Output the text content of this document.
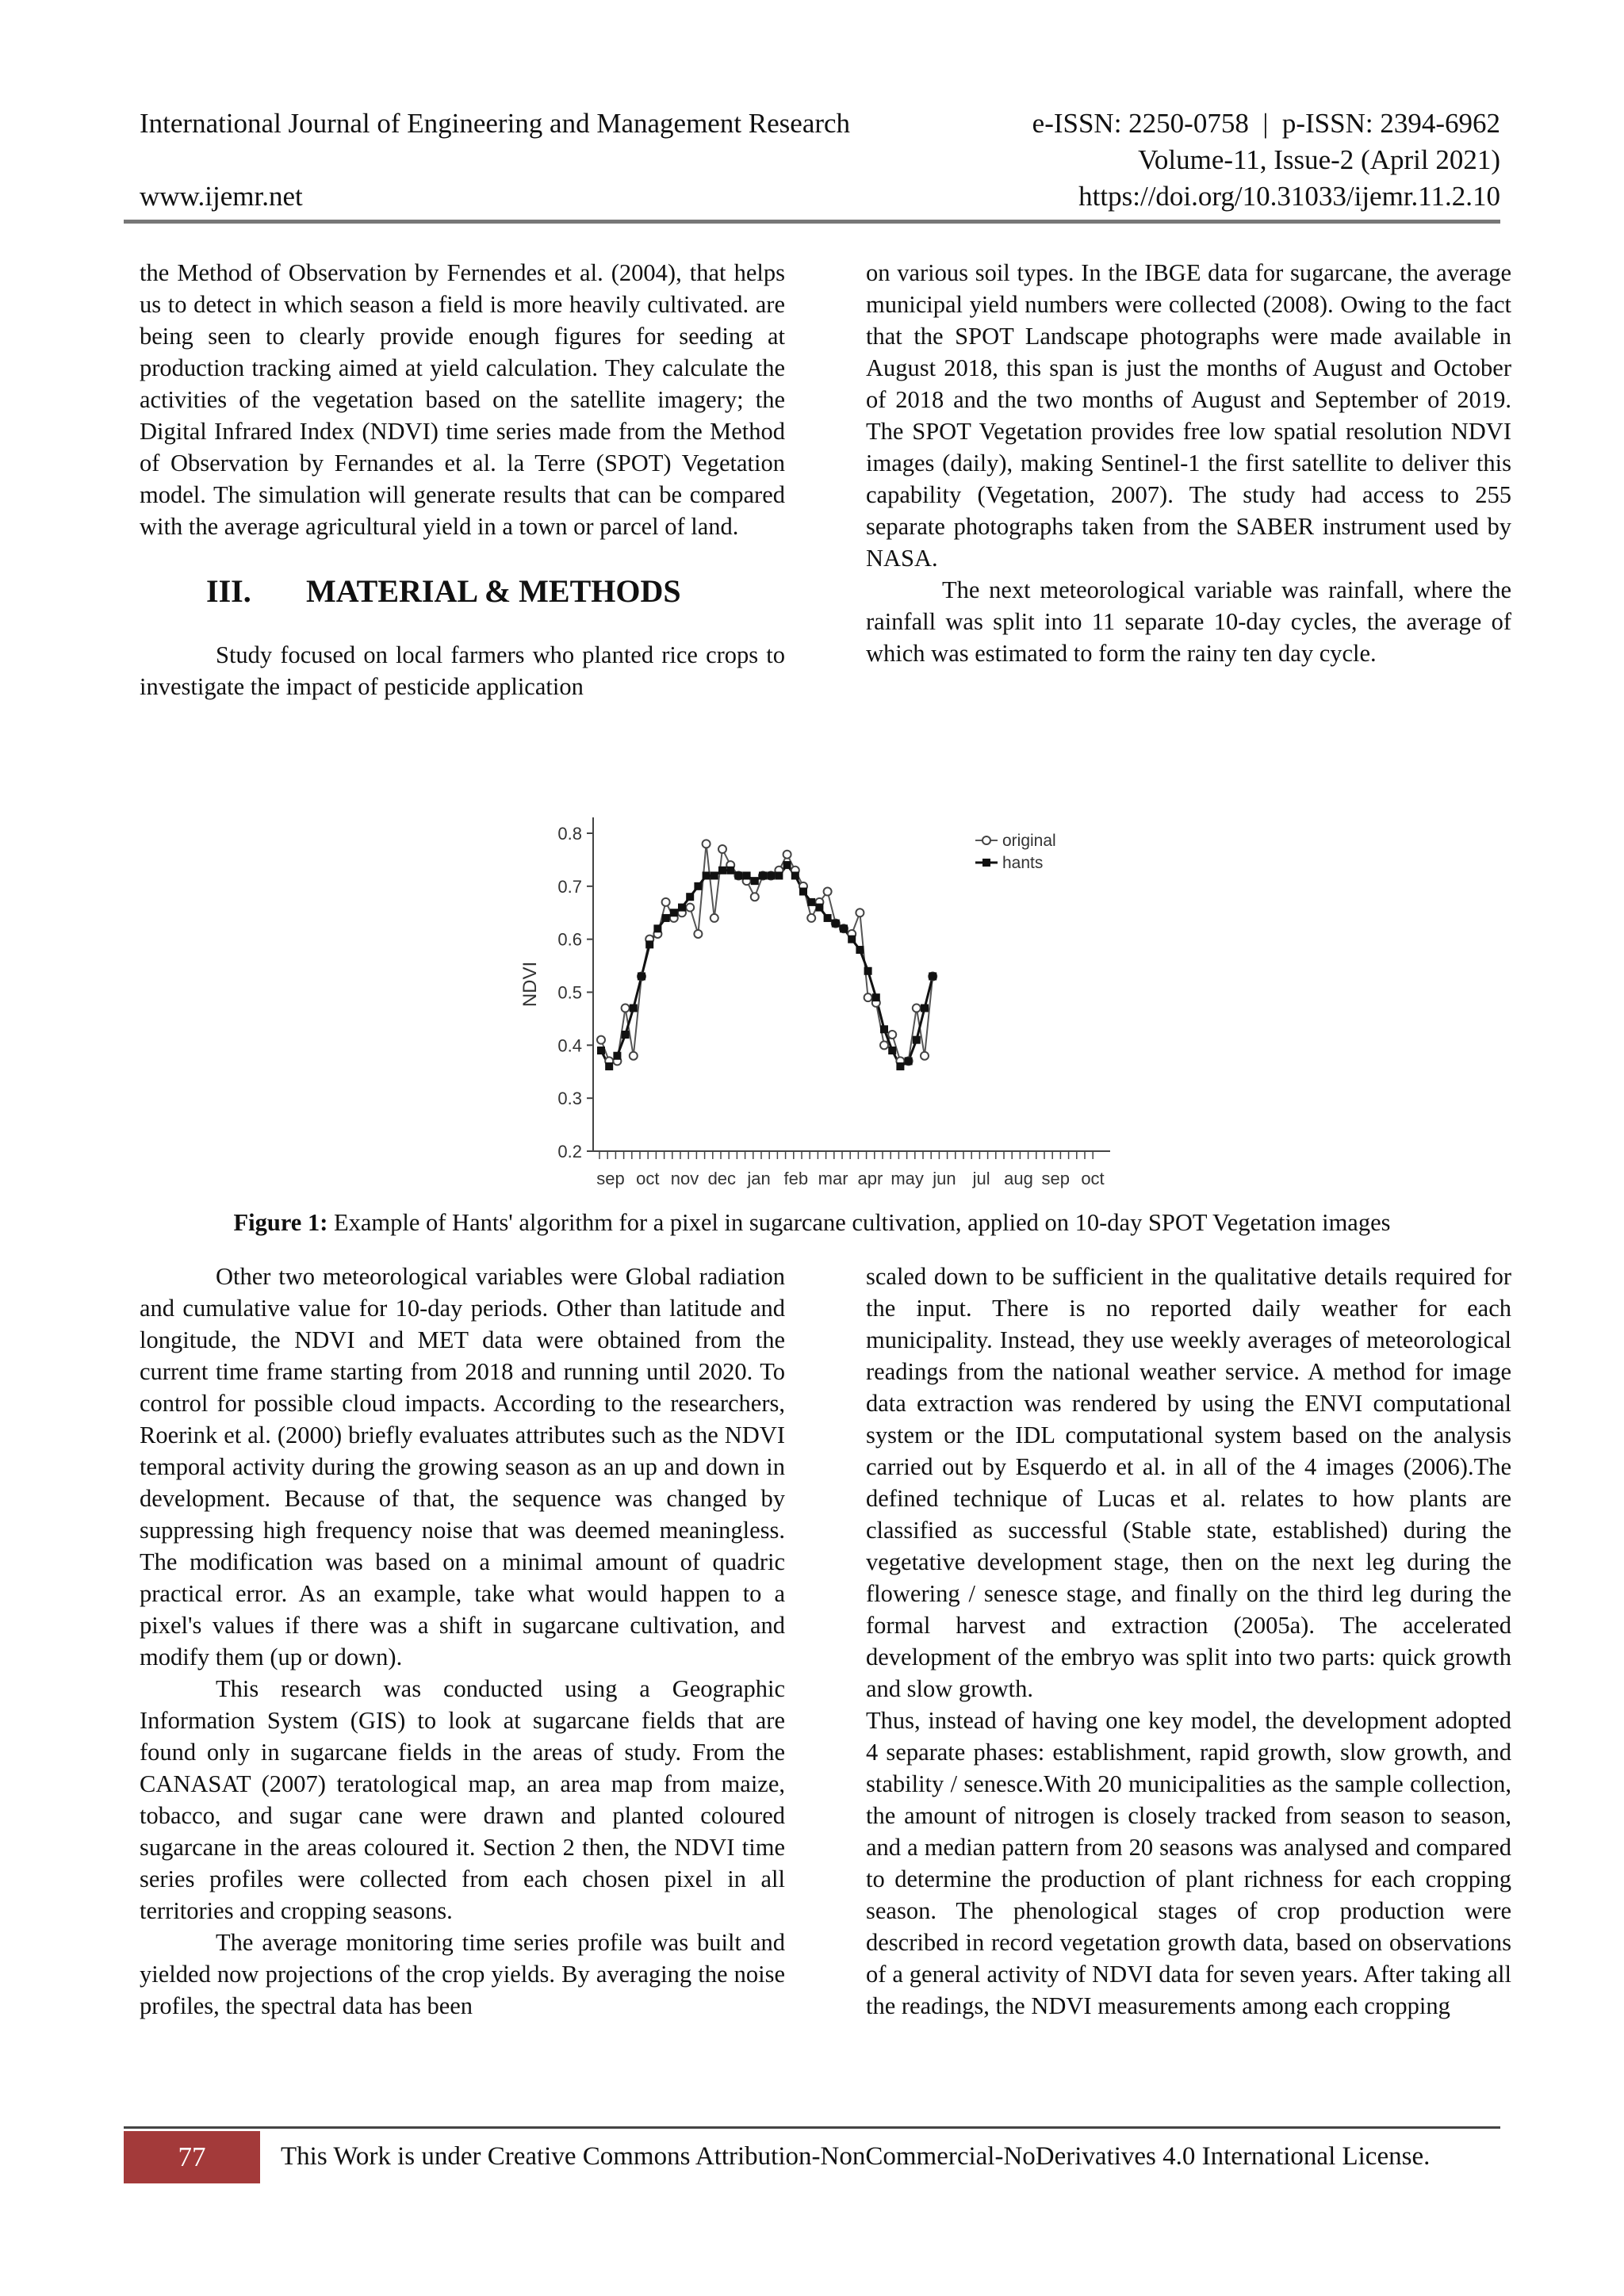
International Journal of Engineering and Management Research
www.ijemr.net
e-ISSN: 2250-0758  |  p-ISSN: 2394-6962
Volume-11, Issue-2 (April 2021)
https://doi.org/10.31033/ijemr.11.2.10

the Method of Observation by Fernendes et al. (2004), that helps us to detect in which season a field is more heavily cultivated. are being seen to clearly provide enough figures for seeding at production tracking aimed at yield calculation. They calculate the activities of the vegetation based on the satellite imagery; the Digital Infrared Index (NDVI) time series made from the Method of Observation by Fernandes et al. la Terre (SPOT) Vegetation model. The simulation will generate results that can be compared with the average agricultural yield in a town or parcel of land.

III. MATERIAL & METHODS

Study focused on local farmers who planted rice crops to investigate the impact of pesticide application

on various soil types. In the IBGE data for sugarcane, the average municipal yield numbers were collected (2008). Owing to the fact that the SPOT Landscape photographs were made available in August 2018, this span is just the months of August and October of 2018 and the two months of August and September of 2019. The SPOT Vegetation provides free low spatial resolution NDVI images (daily), making Sentinel-1 the first satellite to deliver this capability (Vegetation, 2007). The study had access to 255 separate photographs taken from the SABER instrument used by NASA.

The next meteorological variable was rainfall, where the rainfall was split into 11 separate 10-day cycles, the average of which was estimated to form the rainy ten day cycle.

0.2
0.3
0.4
0.5
0.6
0.7
0.8
NDVI
sep oct nov dec jan feb mar apr may jun jul aug sep oct
original
hants
Figure 1: Example of Hants' algorithm for a pixel in sugarcane cultivation, applied on 10-day SPOT Vegetation images

Other two meteorological variables were Global radiation and cumulative value for 10-day periods. Other than latitude and longitude, the NDVI and MET data were obtained from the current time frame starting from 2018 and running until 2020. To control for possible cloud impacts. According to the researchers, Roerink et al. (2000) briefly evaluates attributes such as the NDVI temporal activity during the growing season as an up and down in development. Because of that, the sequence was changed by suppressing high frequency noise that was deemed meaningless. The modification was based on a minimal amount of quadric practical error. As an example, take what would happen to a pixel's values if there was a shift in sugarcane cultivation, and modify them (up or down).

This research was conducted using a Geographic Information System (GIS) to look at sugarcane fields that are found only in sugarcane fields in the areas of study. From the CANASAT (2007) teratological map, an area map from maize, tobacco, and sugar cane were drawn and planted coloured sugarcane in the areas coloured it. Section 2 then, the NDVI time series profiles were collected from each chosen pixel in all territories and cropping seasons.

The average monitoring time series profile was built and yielded now projections of the crop yields. By averaging the noise profiles, the spectral data has been

scaled down to be sufficient in the qualitative details required for the input. There is no reported daily weather for each municipality. Instead, they use weekly averages of meteorological readings from the national weather service. A method for image data extraction was rendered by using the ENVI computational system or the IDL computational system based on the analysis carried out by Esquerdo et al. in all of the 4 images (2006).The defined technique of Lucas et al. relates to how plants are classified as successful (Stable state, established) during the vegetative development stage, then on the next leg during the flowering / senesce stage, and finally on the third leg during the formal harvest and extraction (2005a). The accelerated development of the embryo was split into two parts: quick growth and slow growth.

Thus, instead of having one key model, the development adopted 4 separate phases: establishment, rapid growth, slow growth, and stability / senesce.With 20 municipalities as the sample collection, the amount of nitrogen is closely tracked from season to season, and a median pattern from 20 seasons was analysed and compared to determine the production of plant richness for each cropping season. The phenological stages of crop production were described in record vegetation growth data, based on observations of a general activity of NDVI data for seven years. After taking all the readings, the NDVI measurements among each cropping

77	This Work is under Creative Commons Attribution-NonCommercial-NoDerivatives 4.0 International License.
